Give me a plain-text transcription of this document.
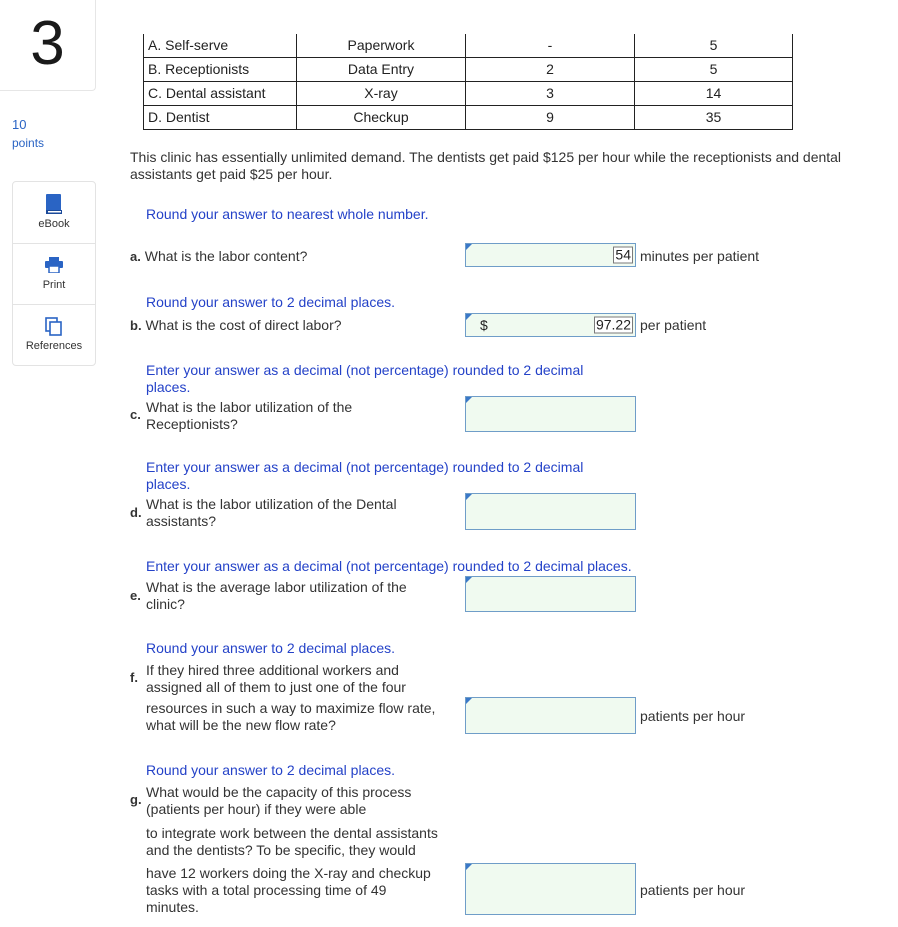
3
10
points
eBook
Print
References
A. Self-serve	Paperwork	-	5
B. Receptionists	Data Entry	2	5
C. Dental assistant	X-ray	3	14
D. Dentist	Checkup	9	35
This clinic has essentially unlimited demand. The dentists get paid $125 per hour while the receptionists and dental assistants get paid $25 per hour.
Round your answer to nearest whole number.
a. What is the labor content?	54 minutes per patient
Round your answer to 2 decimal places.
b. What is the cost of direct labor?	$	97.22 per patient
Enter your answer as a decimal (not percentage) rounded to 2 decimal
places.
c. What is the labor utilization of the
Receptionists?
Enter your answer as a decimal (not percentage) rounded to 2 decimal
places.
d.
What is the labor utilization of the Dental
assistants?
Enter your answer as a decimal (not percentage) rounded to 2 decimal places.
e.
What is the average labor utilization of the
clinic?
Round your answer to 2 decimal places.
f. If they hired three additional workers and
assigned all of them to just one of the four
resources in such a way to maximize flow rate,
what will be the new flow rate?
patients per hour
Round your answer to 2 decimal places.
g. What would be the capacity of this process
(patients per hour) if they were able
to integrate work between the dental assistants
and the dentists? To be specific, they would
have 12 workers doing the X-ray and checkup
tasks with a total processing time of 49
minutes.
patients per hour
